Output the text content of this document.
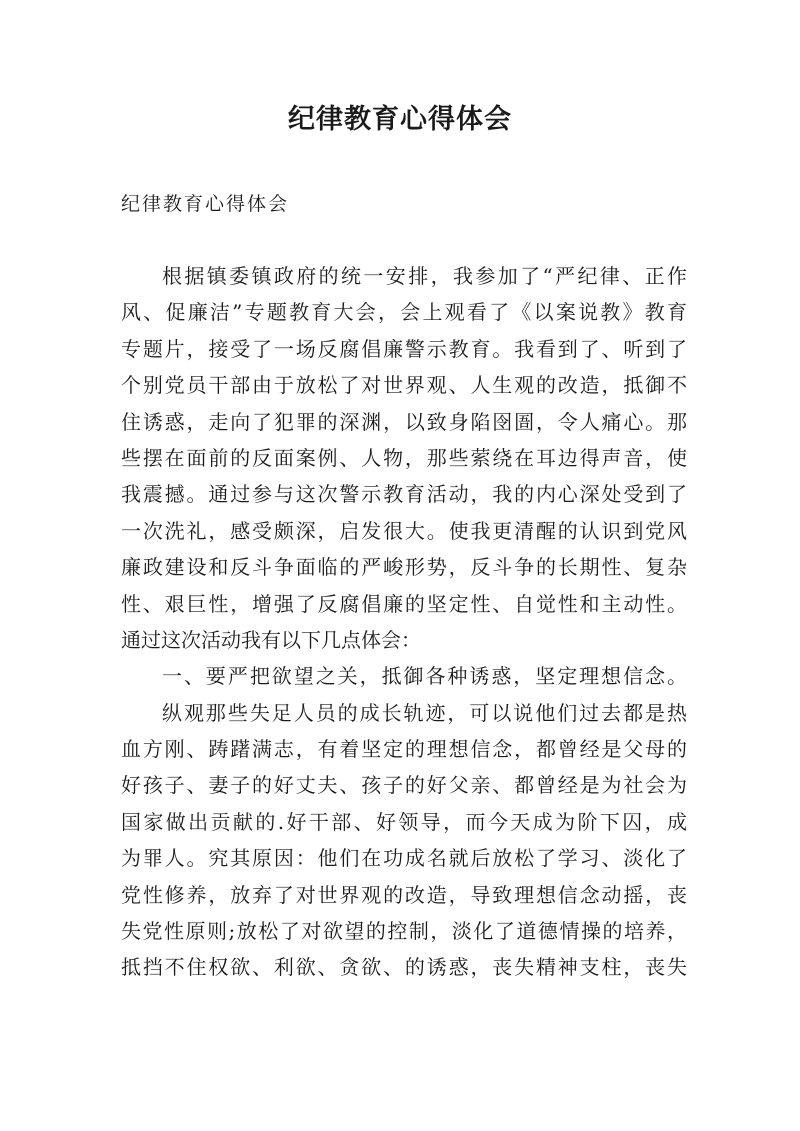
纪律教育心得体会

纪律教育心得体会

根据镇委镇政府的统一安排，我参加了“严纪律、正作
风、促廉洁”专题教育大会，会上观看了《以案说教》教育
专题片，接受了一场反腐倡廉警示教育。我看到了、听到了
个别党员干部由于放松了对世界观、人生观的改造，抵御不
住诱惑，走向了犯罪的深渊，以致身陷囹圄，令人痛心。那
些摆在面前的反面案例、人物，那些萦绕在耳边得声音，使
我震撼。通过参与这次警示教育活动，我的内心深处受到了
一次洗礼，感受颇深，启发很大。使我更清醒的认识到党风
廉政建设和反斗争面临的严峻形势，反斗争的长期性、复杂
性、艰巨性，增强了反腐倡廉的坚定性、自觉性和主动性。
通过这次活动我有以下几点体会：
一、要严把欲望之关，抵御各种诱惑，坚定理想信念。
纵观那些失足人员的成长轨迹，可以说他们过去都是热
血方刚、踌躇满志，有着坚定的理想信念，都曾经是父母的
好孩子、妻子的好丈夫、孩子的好父亲、都曾经是为社会为
国家做出贡献的.好干部、好领导，而今天成为阶下囚，成
为罪人。究其原因：他们在功成名就后放松了学习、淡化了
党性修养，放弃了对世界观的改造，导致理想信念动摇，丧
失党性原则;放松了对欲望的控制，淡化了道德情操的培养，
抵挡不住权欲、利欲、贪欲、的诱惑，丧失精神支柱，丧失
